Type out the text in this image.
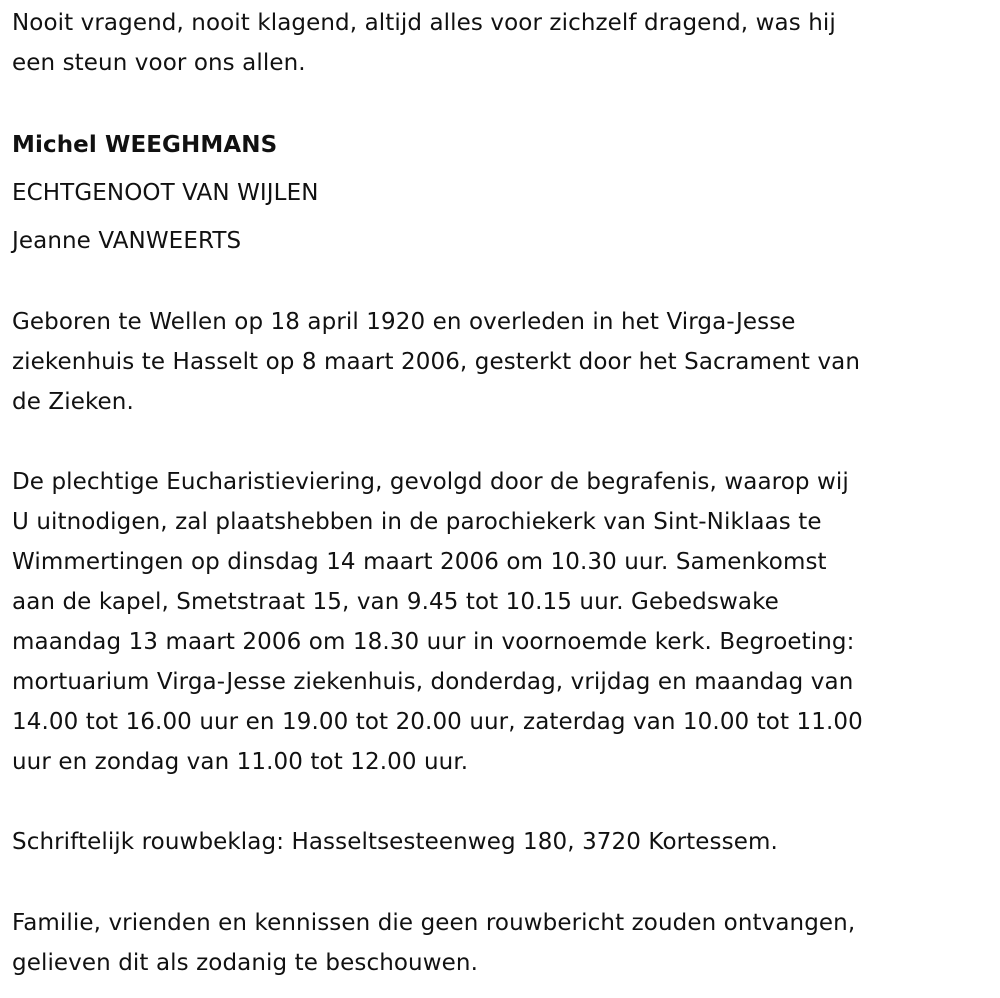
Nooit vragend, nooit klagend, altijd alles voor zichzelf dragend, was hij
een steun voor ons allen.
Michel WEEGHMANS
ECHTGENOOT VAN WIJLEN
Jeanne VANWEERTS
Geboren te Wellen op 18 april 1920 en overleden in het Virga-Jesse
ziekenhuis te Hasselt op 8 maart 2006, gesterkt door het Sacrament van
de Zieken.
De plechtige Eucharistieviering, gevolgd door de begrafenis, waarop wij
U uitnodigen, zal plaatshebben in de parochiekerk van Sint-Niklaas te
Wimmertingen op dinsdag 14 maart 2006 om 10.30 uur. Samenkomst
aan de kapel, Smetstraat 15, van 9.45 tot 10.15 uur. Gebedswake
maandag 13 maart 2006 om 18.30 uur in voornoemde kerk. Begroeting:
mortuarium Virga-Jesse ziekenhuis, donderdag, vrijdag en maandag van
14.00 tot 16.00 uur en 19.00 tot 20.00 uur, zaterdag van 10.00 tot 11.00
uur en zondag van 11.00 tot 12.00 uur.
Schriftelijk rouwbeklag: Hasseltsesteenweg 180, 3720 Kortessem.
Familie, vrienden en kennissen die geen rouwbericht zouden ontvangen,
gelieven dit als zodanig te beschouwen.
